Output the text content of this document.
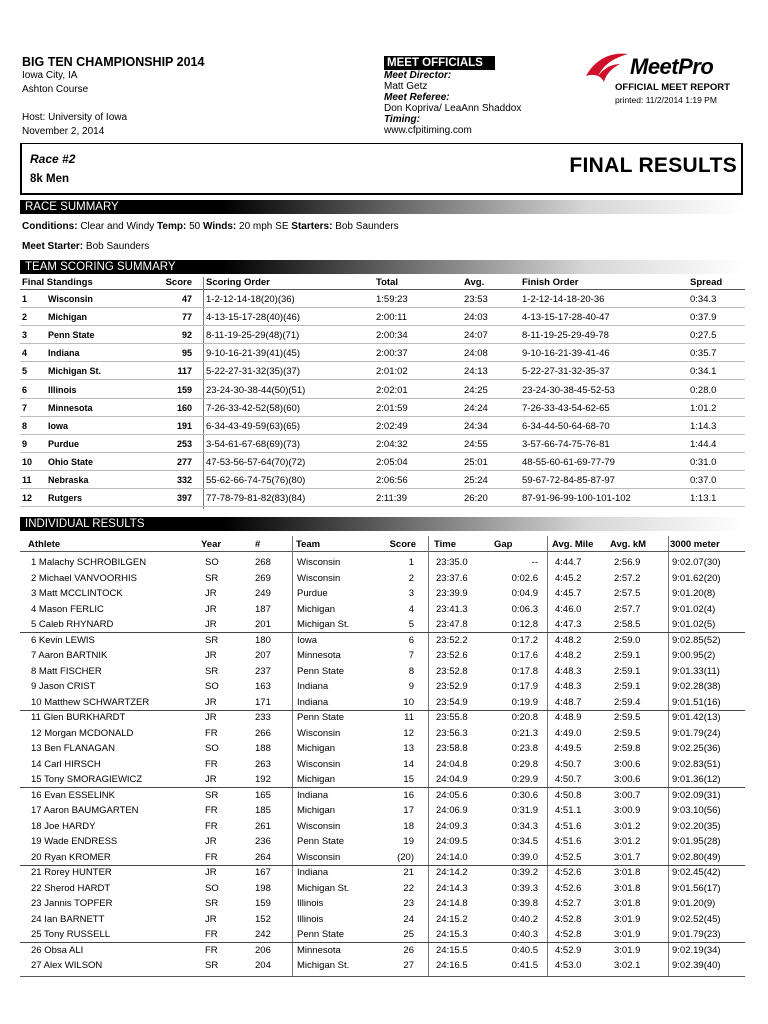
BIG TEN CHAMPIONSHIP 2014
Iowa City, IA
Ashton Course
Host: University of Iowa
November 2, 2014
MEET OFFICIALS
Meet Director:
Matt Getz
Meet Referee:
Don Kopriva/ LeaAnn Shaddox
Timing:
www.cfpitiming.com
MeetPro
OFFICIAL MEET REPORT
printed: 11/2/2014 1:19 PM
Race #2
8k Men
FINAL RESULTS
RACE SUMMARY
Conditions: Clear and Windy Temp: 50 Winds: 20 mph SE Starters: Bob Saunders
Meet Starter: Bob Saunders
TEAM SCORING SUMMARY
Final Standings	Score Scoring Order	Total	Avg.	Finish Order	Spread
1 Wisconsin	47 1-2-12-14-18(20)(36)	1:59:23	23:53	1-2-12-14-18-20-36	0:34.3
2 Michigan	77 4-13-15-17-28(40)(46)	2:00:11	24:03	4-13-15-17-28-40-47	0:37.9
3 Penn State	92 8-11-19-25-29(48)(71)	2:00:34	24:07	8-11-19-25-29-49-78	0:27.5
4 Indiana	95 9-10-16-21-39(41)(45)	2:00:37	24:08	9-10-16-21-39-41-46	0:35.7
5 Michigan St.	117 5-22-27-31-32(35)(37)	2:01:02	24:13	5-22-27-31-32-35-37	0:34.1
6 Illinois	159 23-24-30-38-44(50)(51)	2:02:01	24:25	23-24-30-38-45-52-53	0:28.0
7 Minnesota	160 7-26-33-42-52(58)(60)	2:01:59	24:24	7-26-33-43-54-62-65	1:01.2
8 Iowa	191 6-34-43-49-59(63)(65)	2:02:49	24:34	6-34-44-50-64-68-70	1:14.3
9 Purdue	253 3-54-61-67-68(69)(73)	2:04:32	24:55	3-57-66-74-75-76-81	1:44.4
10 Ohio State	277 47-53-56-57-64(70)(72)	2:05:04	25:01	48-55-60-61-69-77-79	0:31.0
11 Nebraska	332 55-62-66-74-75(76)(80)	2:06:56	25:24	59-67-72-84-85-87-97	0:37.0
12 Rutgers	397 77-78-79-81-82(83)(84)	2:11:39	26:20	87-91-96-99-100-101-102	1:13.1
INDIVIDUAL RESULTS
Athlete	Year	#	Team	Score Time	Gap	Avg. Mile	Avg. kM	3000 meter
1 Malachy SCHROBILGEN	SO	268	Wisconsin	1 23:35.0	-- 4:44.7	2:56.9	9:02.07(30)
2 Michael VANVOORHIS	SR	269	Wisconsin	2 23:37.6	0:02.6 4:45.2	2:57.2	9:01.62(20)
3 Matt MCCLINTOCK	JR	249	Purdue	3 23:39.9	0:04.9 4:45.7	2:57.5	9:01.20(8)
4 Mason FERLIC	JR	187	Michigan	4 23:41.3	0:06.3 4:46.0	2:57.7	9:01.02(4)
5 Caleb RHYNARD	JR	201	Michigan St.	5 23:47.8	0:12.8 4:47.3	2:58.5	9:01.02(5)
6 Kevin LEWIS	SR	180	Iowa	6 23:52.2	0:17.2 4:48.2	2:59.0	9:02.85(52)
7 Aaron BARTNIK	JR	207	Minnesota	7 23:52.6	0:17.6 4:48.2	2:59.1	9:00.95(2)
8 Matt FISCHER	SR	237	Penn State	8 23:52.8	0:17.8 4:48.3	2:59.1	9:01.33(11)
9 Jason CRIST	SO	163	Indiana	9 23:52.9	0:17.9 4:48.3	2:59.1	9:02.28(38)
10 Matthew SCHWARTZER	JR	171	Indiana	10 23:54.9	0:19.9 4:48.7	2:59.4	9:01.51(16)
11 Glen BURKHARDT	JR	233	Penn State	11 23:55.8	0:20.8 4:48.9	2:59.5	9:01.42(13)
12 Morgan MCDONALD	FR	266	Wisconsin	12 23:56.3	0:21.3 4:49.0	2:59.5	9:01.79(24)
13 Ben FLANAGAN	SO	188	Michigan	13 23:58.8	0:23.8 4:49.5	2:59.8	9:02.25(36)
14 Carl HIRSCH	FR	263	Wisconsin	14 24:04.8	0:29.8 4:50.7	3:00.6	9:02.83(51)
15 Tony SMORAGIEWICZ	JR	192	Michigan	15 24:04.9	0:29.9 4:50.7	3:00.6	9:01.36(12)
16 Evan ESSELINK	SR	165	Indiana	16 24:05.6	0:30.6 4:50.8	3:00.7	9:02.09(31)
17 Aaron BAUMGARTEN	FR	185	Michigan	17 24:06.9	0:31.9 4:51.1	3:00.9	9:03.10(56)
18 Joe HARDY	FR	261	Wisconsin	18 24:09.3	0:34.3 4:51.6	3:01.2	9:02.20(35)
19 Wade ENDRESS	JR	236	Penn State	19 24:09.5	0:34.5 4:51.6	3:01.2	9:01.95(28)
20 Ryan KROMER	FR	264	Wisconsin	(20) 24:14.0	0:39.0 4:52.5	3:01.7	9:02.80(49)
21 Rorey HUNTER	JR	167	Indiana	21 24:14.2	0:39.2 4:52.6	3:01.8	9:02.45(42)
22 Sherod HARDT	SO	198	Michigan St.	22 24:14.3	0:39.3 4:52.6	3:01.8	9:01.56(17)
23 Jannis TOPFER	SR	159	Illinois	23 24:14.8	0:39.8 4:52.7	3:01.8	9:01.20(9)
24 Ian BARNETT	JR	152	Illinois	24 24:15.2	0:40.2 4:52.8	3:01.9	9:02.52(45)
25 Tony RUSSELL	FR	242	Penn State	25 24:15.3	0:40.3 4:52.8	3:01.9	9:01.79(23)
26 Obsa ALI	FR	206	Minnesota	26 24:15.5	0:40.5 4:52.9	3:01.9	9:02.19(34)
27 Alex WILSON	SR	204	Michigan St.	27 24:16.5	0:41.5 4:53.0	3:02.1	9:02.39(40)
